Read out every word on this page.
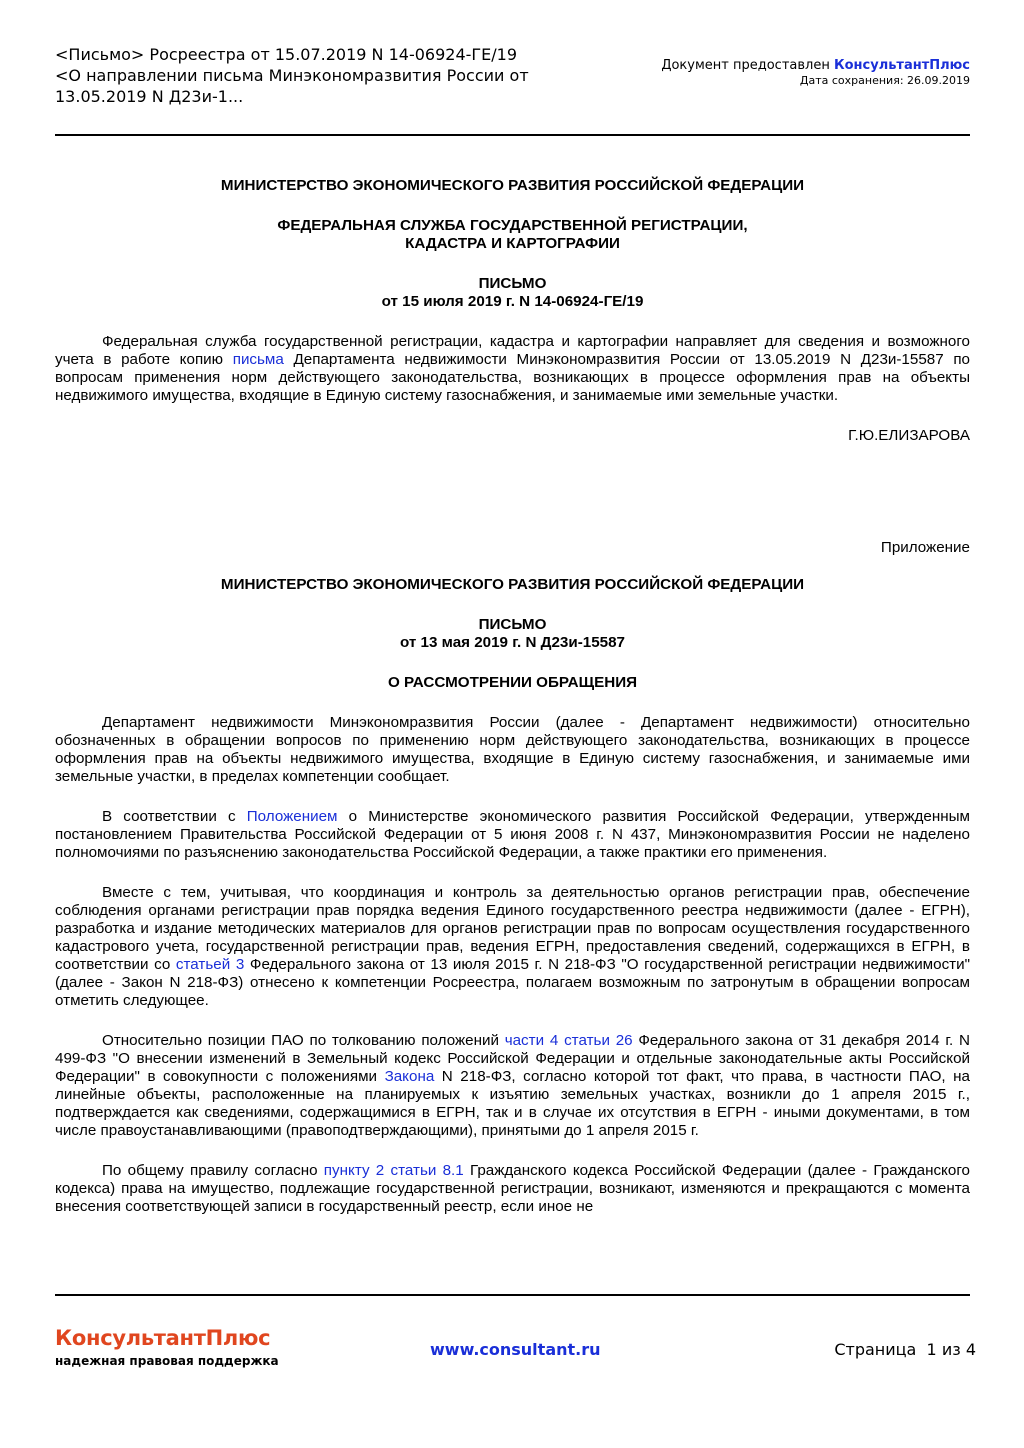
<Письмо> Росреестра от 15.07.2019 N 14-06924-ГЕ/19
<О направлении письма Минэкономразвития России от
13.05.2019 N Д23и-1...
Документ предоставлен КонсультантПлюс
Дата сохранения: 26.09.2019

МИНИСТЕРСТВО ЭКОНОМИЧЕСКОГО РАЗВИТИЯ РОССИЙСКОЙ ФЕДЕРАЦИИ

ФЕДЕРАЛЬНАЯ СЛУЖБА ГОСУДАРСТВЕННОЙ РЕГИСТРАЦИИ,

КАДАСТРА И КАРТОГРАФИИ

ПИСЬМО

от 15 июля 2019 г. N 14-06924-ГЕ/19

Федеральная служба государственной регистрации, кадастра и картографии направляет для сведения и возможного учета в работе копию письма Департамента недвижимости Минэкономразвития России от 13.05.2019 N Д23и-15587 по вопросам применения норм действующего законодательства, возникающих в процессе оформления прав на объекты недвижимого имущества, входящие в Единую систему газоснабжения, и занимаемые ими земельные участки.

Г.Ю.ЕЛИЗАРОВА

Приложение

МИНИСТЕРСТВО ЭКОНОМИЧЕСКОГО РАЗВИТИЯ РОССИЙСКОЙ ФЕДЕРАЦИИ

ПИСЬМО

от 13 мая 2019 г. N Д23и-15587

О РАССМОТРЕНИИ ОБРАЩЕНИЯ

Департамент недвижимости Минэкономразвития России (далее - Департамент недвижимости) относительно обозначенных в обращении вопросов по применению норм действующего законодательства, возникающих в процессе оформления прав на объекты недвижимого имущества, входящие в Единую систему газоснабжения, и занимаемые ими земельные участки, в пределах компетенции сообщает.

В соответствии с Положением о Министерстве экономического развития Российской Федерации, утвержденным постановлением Правительства Российской Федерации от 5 июня 2008 г. N 437, Минэкономразвития России не наделено полномочиями по разъяснению законодательства Российской Федерации, а также практики его применения.

Вместе с тем, учитывая, что координация и контроль за деятельностью органов регистрации прав, обеспечение соблюдения органами регистрации прав порядка ведения Единого государственного реестра недвижимости (далее - ЕГРН), разработка и издание методических материалов для органов регистрации прав по вопросам осуществления государственного кадастрового учета, государственной регистрации прав, ведения ЕГРН, предоставления сведений, содержащихся в ЕГРН, в соответствии со статьей 3 Федерального закона от 13 июля 2015 г. N 218-ФЗ "О государственной регистрации недвижимости" (далее - Закон N 218-ФЗ) отнесено к компетенции Росреестра, полагаем возможным по затронутым в обращении вопросам отметить следующее.

Относительно позиции ПАО по толкованию положений части 4 статьи 26 Федерального закона от 31 декабря 2014 г. N 499-ФЗ "О внесении изменений в Земельный кодекс Российской Федерации и отдельные законодательные акты Российской Федерации" в совокупности с положениями Закона N 218-ФЗ, согласно которой тот факт, что права, в частности ПАО, на линейные объекты, расположенные на планируемых к изъятию земельных участках, возникли до 1 апреля 2015 г., подтверждается как сведениями, содержащимися в ЕГРН, так и в случае их отсутствия в ЕГРН - иными документами, в том числе правоустанавливающими (правоподтверждающими), принятыми до 1 апреля 2015 г.

По общему правилу согласно пункту 2 статьи 8.1 Гражданского кодекса Российской Федерации (далее - Гражданского кодекса) права на имущество, подлежащие государственной регистрации, возникают, изменяются и прекращаются с момента внесения соответствующей записи в государственный реестр, если иное не

КонсультантПлюс
надежная правовая поддержка
www.consultant.ru	Страница 1 из 4
